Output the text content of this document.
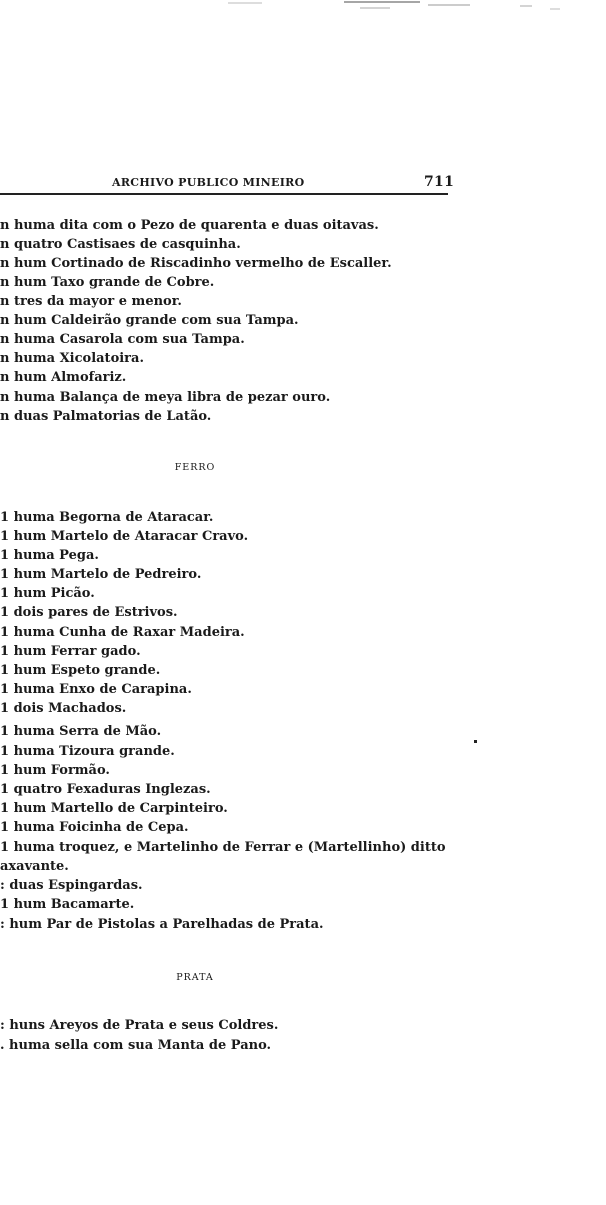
ARCHIVO PUBLICO MINEIRO	711
n huma dita com o Pezo de quarenta e duas oitavas.
n quatro Castisaes de casquinha.
n hum Cortinado de Riscadinho vermelho de Escaller.
n hum Taxo grande de Cobre.
n tres da mayor e menor.
n hum Caldeirão grande com sua Tampa.
n huma Casarola com sua Tampa.
n huma Xicolatoira.
n hum Almofariz.
n huma Balança de meya libra de pezar ouro.
n duas Palmatorias de Latão.
FERRO
1 huma Begorna de Ataracar.
1 hum Martelo de Ataracar Cravo.
1 huma Pega.
1 hum Martelo de Pedreiro.
1 hum Picão.
1 dois pares de Estrivos.
1 huma Cunha de Raxar Madeira.
1 hum Ferrar gado.
1 hum Espeto grande.
1 huma Enxo de Carapina.
1 dois Machados.
1 huma Serra de Mão.
1 huma Tizoura grande.
1 hum Formão.
1 quatro Fexaduras Inglezas.
1 hum Martello de Carpinteiro.
1 huma Foicinha de Cepa.
1 huma troquez, e Martelinho de Ferrar e (Martellinho) ditto
axavante.
: duas Espingardas.
1 hum Bacamarte.
: hum Par de Pistolas a Parelhadas de Prata.
PRATA
: huns Areyos de Prata e seus Coldres.
. huma sella com sua Manta de Pano.
